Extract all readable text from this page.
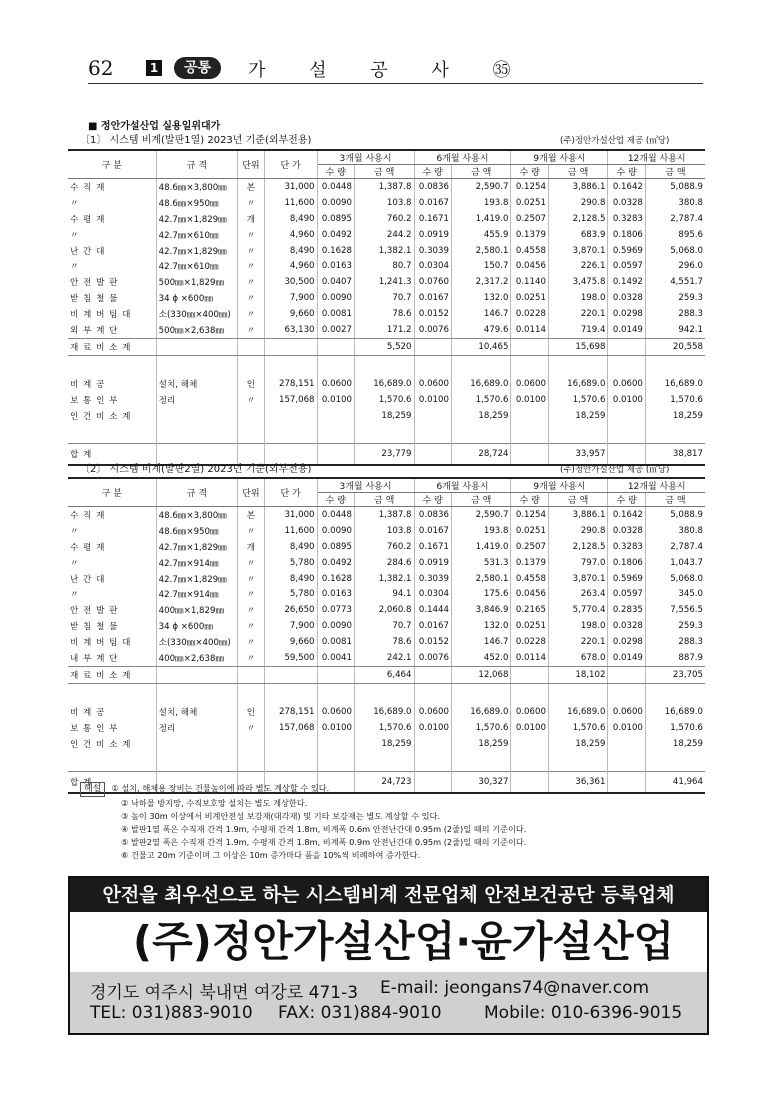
62	1	공통	가 설 공 사 ㉟
■ 정안가설산업 실용일위대가
〔1〕 시스템 비계(발판1열) 2023년 기준(외부전용)	(주)정안가설산업 제공 (㎡당)
구 분	규 격	단위	단 가	3개월 사용시		6개월 사용시		9개월 사용시		12개월 사용시	
				수 량	금 액	수 량	금 액	수 량	금 액	수 량	금 액
수 직 재	48.6㎜×3,800㎜	본	31,000	0.0448	1,387.8	0.0836	2,590.7	0.1254	3,886.1	0.1642	5,088.9
〃	48.6㎜×950㎜	〃	11,600	0.0090	103.8	0.0167	193.8	0.0251	290.8	0.0328	380.8
수 평 재	42.7㎜×1,829㎜	개	8,490	0.0895	760.2	0.1671	1,419.0	0.2507	2,128.5	0.3283	2,787.4
〃	42.7㎜×610㎜	〃	4,960	0.0492	244.2	0.0919	455.9	0.1379	683.9	0.1806	895.6
난 간 대	42.7㎜×1,829㎜	〃	8,490	0.1628	1,382.1	0.3039	2,580.1	0.4558	3,870.1	0.5969	5,068.0
〃	42.7㎜×610㎜	〃	4,960	0.0163	80.7	0.0304	150.7	0.0456	226.1	0.0597	296.0
안 전 발 판	500㎜×1,829㎜	〃	30,500	0.0407	1,241.3	0.0760	2,317.2	0.1140	3,475.8	0.1492	4,551.7
받 침 철 물	34 ϕ ×600㎜	〃	7,900	0.0090	70.7	0.0167	132.0	0.0251	198.0	0.0328	259.3
비 계 버 팀 대	소(330㎜×400㎜)	〃	9,660	0.0081	78.6	0.0152	146.7	0.0228	220.1	0.0298	288.3
외 부 계 단	500㎜×2,638㎜	〃	63,130	0.0027	171.2	0.0076	479.6	0.0114	719.4	0.0149	942.1
재 료 비 소 계					5,520		10,465		15,698		20,558

비 계 공	설치, 해체	인	278,151	0.0600	16,689.0	0.0600	16,689.0	0.0600	16,689.0	0.0600	16,689.0
보 통 인 부	정리	〃	157,068	0.0100	1,570.6	0.0100	1,570.6	0.0100	1,570.6	0.0100	1,570.6
인 건 비 소 계					18,259		18,259		18,259		18,259

합 계					23,779		28,724		33,957		38,817
〔2〕 시스템 비계(발판2열) 2023년 기준(외부전용)	(주)정안가설산업 제공 (㎡당)
구 분	규 격	단위	단 가	3개월 사용시		6개월 사용시		9개월 사용시		12개월 사용시	
				수 량	금 액	수 량	금 액	수 량	금 액	수 량	금 액
수 직 재	48.6㎜×3,800㎜	본	31,000	0.0448	1,387.8	0.0836	2,590.7	0.1254	3,886.1	0.1642	5,088.9
〃	48.6㎜×950㎜	〃	11,600	0.0090	103.8	0.0167	193.8	0.0251	290.8	0.0328	380.8
수 평 재	42.7㎜×1,829㎜	개	8,490	0.0895	760.2	0.1671	1,419.0	0.2507	2,128.5	0.3283	2,787.4
〃	42.7㎜×914㎜	〃	5,780	0.0492	284.6	0.0919	531.3	0.1379	797.0	0.1806	1,043.7
난 간 대	42.7㎜×1,829㎜	〃	8,490	0.1628	1,382.1	0.3039	2,580.1	0.4558	3,870.1	0.5969	5,068.0
〃	42.7㎜×914㎜	〃	5,780	0.0163	94.1	0.0304	175.6	0.0456	263.4	0.0597	345.0
안 전 발 판	400㎜×1,829㎜	〃	26,650	0.0773	2,060.8	0.1444	3,846.9	0.2165	5,770.4	0.2835	7,556.5
받 침 철 물	34 ϕ ×600㎜	〃	7,900	0.0090	70.7	0.0167	132.0	0.0251	198.0	0.0328	259.3
비 계 버 팀 대	소(330㎜×400㎜)	〃	9,660	0.0081	78.6	0.0152	146.7	0.0228	220.1	0.0298	288.3
내 부 계 단	400㎜×2,638㎜	〃	59,500	0.0041	242.1	0.0076	452.0	0.0114	678.0	0.0149	887.9
재 료 비 소 계					6,464		12,068		18,102		23,705

비 계 공	설치, 해체	인	278,151	0.0600	16,689.0	0.0600	16,689.0	0.0600	16,689.0	0.0600	16,689.0
보 통 인 부	정리	〃	157,068	0.0100	1,570.6	0.0100	1,570.6	0.0100	1,570.6	0.0100	1,570.6
인 건 비 소 계					18,259		18,259		18,259		18,259

합 계					24,723		30,327		36,361		41,964
해설 ① 설치, 해체용 장비는 건물높이에 따라 별도 계상할 수 있다.
② 낙하물 방지망, 수직보호망 설치는 별도 계상한다.
③ 높이 30m 이상에서 비계안전성 보강재(대각재) 및 기타 보강재는 별도 계상할 수 있다.
④ 발판1열 폭은 수직재 간격 1.9m, 수평재 간격 1.8m, 비계폭 0.6m 안전난간대 0.95m (2줄)일 때의 기준이다.
⑤ 발판2열 폭은 수직재 간격 1.9m, 수평재 간격 1.8m, 비계폭 0.9m 안전난간대 0.95m (2줄)일 때의 기준이다.
⑥ 건물고 20m 기준이며 그 이상은 10m 증가마다 품을 10%씩 비례하여 증가한다.
안전을 최우선으로 하는 시스템비계 전문업체 안전보건공단 등록업체
(주)정안가설산업·윤가설산업
경기도 여주시 북내면 여강로 471-3 E-mail: jeongans74@naver.com
TEL: 031)883-9010 FAX: 031)884-9010 Mobile: 010-6396-9015
